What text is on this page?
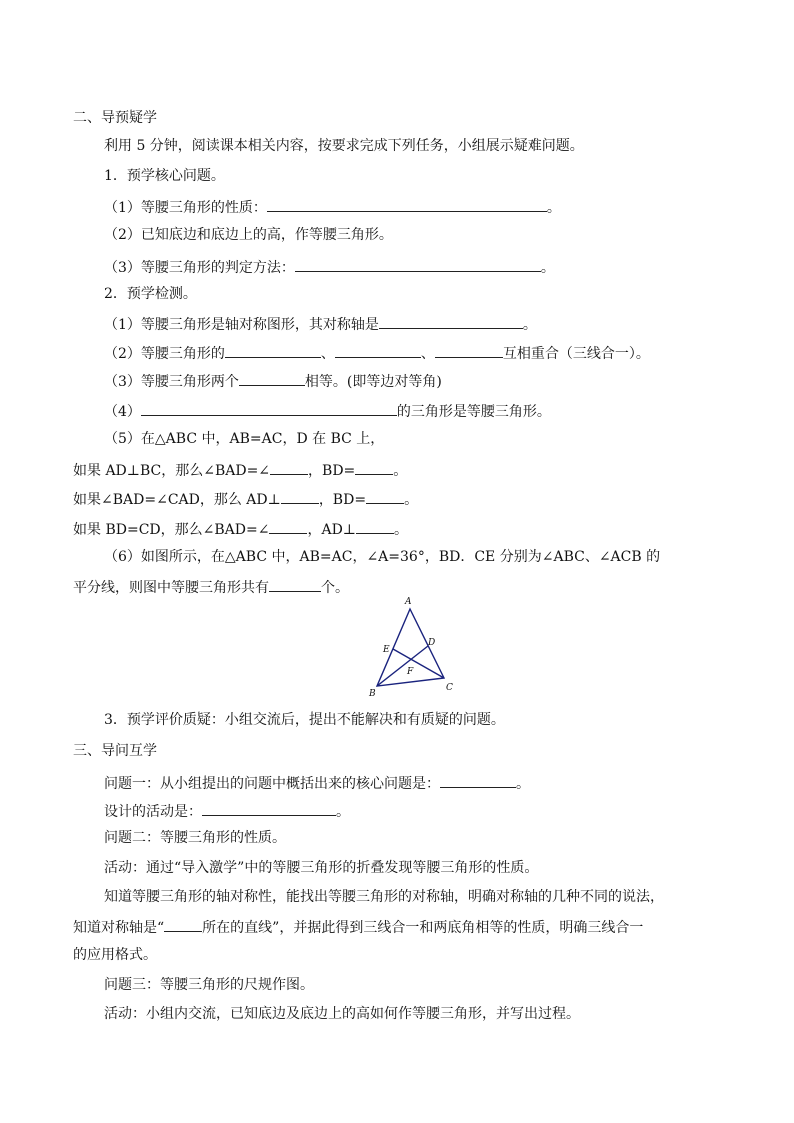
二、导预疑学
利用 5 分钟，阅读课本相关内容，按要求完成下列任务，小组展示疑难问题。
1．预学核心问题。
（1）等腰三角形的性质：	。
（2）已知底边和底边上的高，作等腰三角形。
（3）等腰三角形的判定方法：	。
2．预学检测。
（1）等腰三角形是轴对称图形，其对称轴是	。
（2）等腰三角形的	、	、	互相重合（三线合一）。
（3）等腰三角形两个	相等。(即等边对等角)
（4）	的三角形是等腰三角形。
（5）在△ABC 中，AB=AC，D 在 BC 上，
如果 AD⊥BC，那么∠BAD=∠	，BD=	。
如果∠BAD=∠CAD，那么 AD⊥	，BD=	。
如果 BD=CD，那么∠BAD=∠	，AD⊥	。
（6）如图所示，在△ABC 中，AB=AC，∠A=36°，BD．CE 分别为∠ABC、∠ACB 的
平分线，则图中等腰三角形共有	个。
A
B
C
D
E
F
3．预学评价质疑：小组交流后，提出不能解决和有质疑的问题。
三、导问互学
问题一：从小组提出的问题中概括出来的核心问题是：	。
设计的活动是：	。
问题二：等腰三角形的性质。
活动：通过“导入激学”中的等腰三角形的折叠发现等腰三角形的性质。
知道等腰三角形的轴对称性，能找出等腰三角形的对称轴，明确对称轴的几种不同的说法，
知道对称轴是“	所在的直线”，并据此得到三线合一和两底角相等的性质，明确三线合一
的应用格式。
问题三：等腰三角形的尺规作图。
活动：小组内交流，已知底边及底边上的高如何作等腰三角形，并写出过程。
